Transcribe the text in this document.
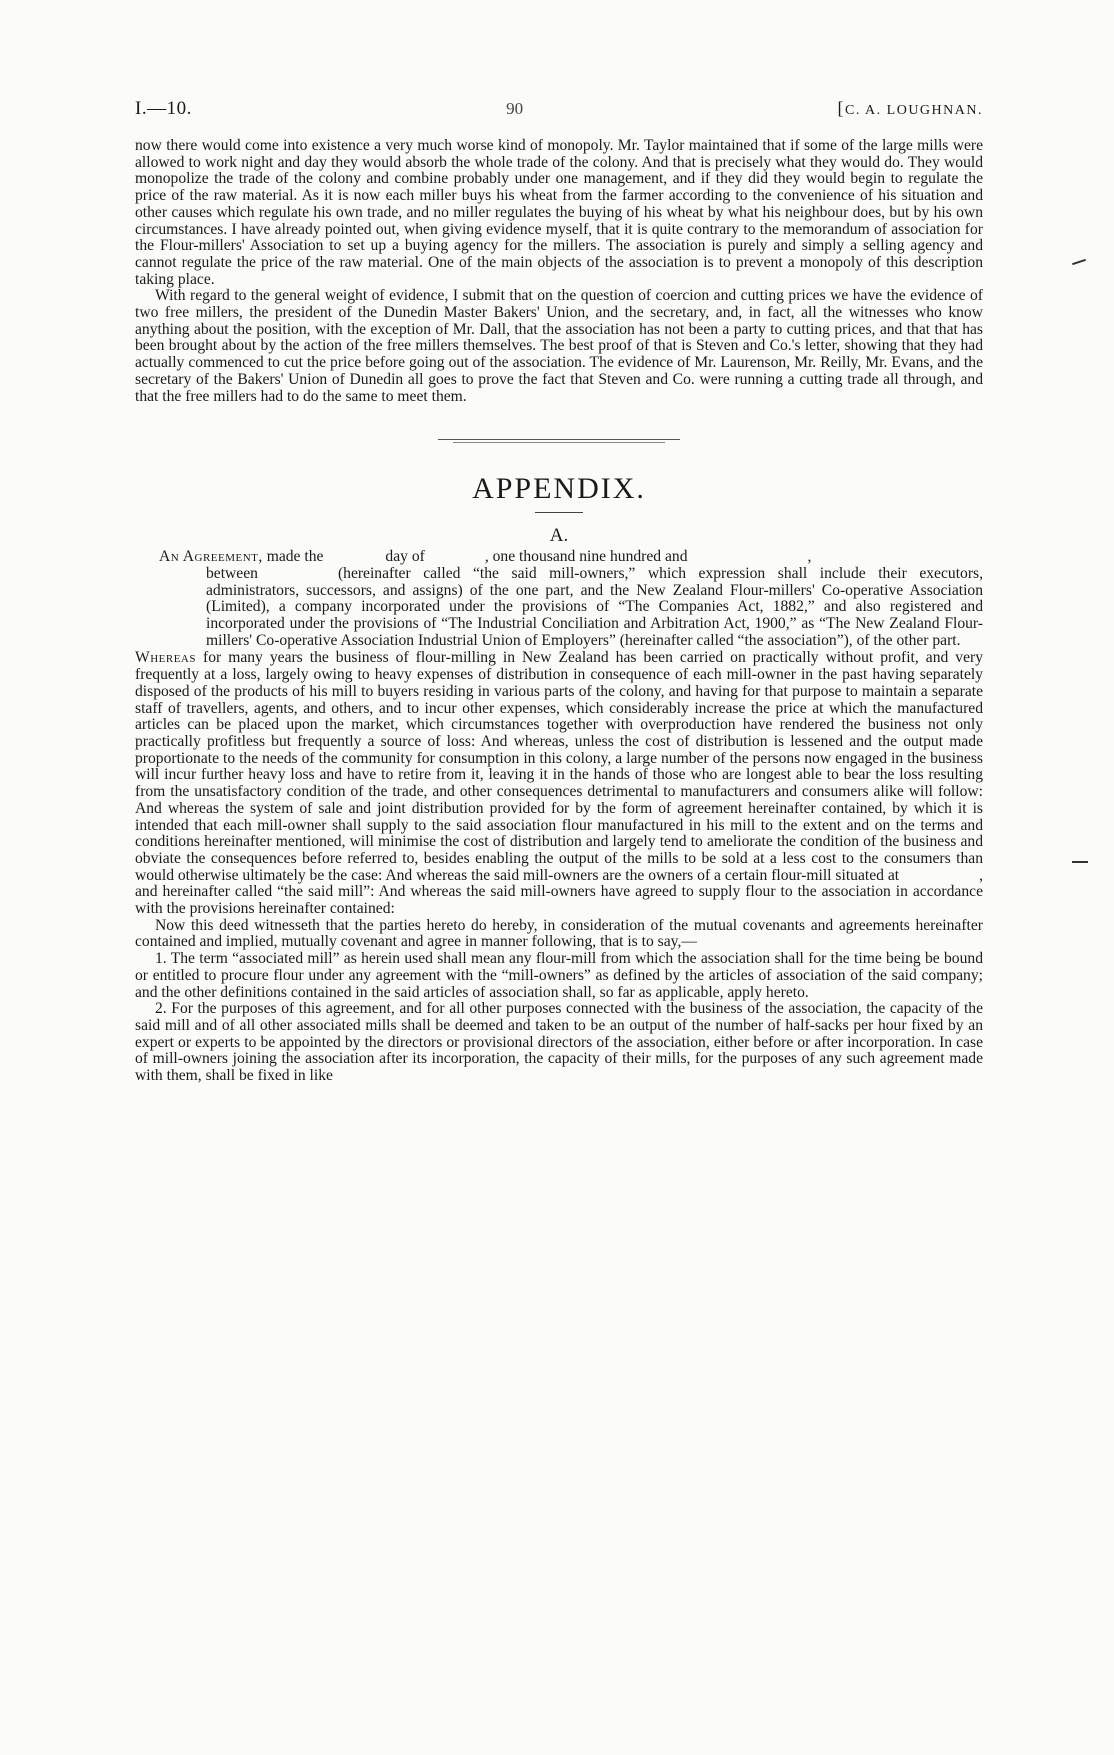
I.—10.	90	[C. A. LOUGHNAN.

now there would come into existence a very much worse kind of monopoly. Mr. Taylor maintained that if some of the large mills were allowed to work night and day they would absorb the whole trade of the colony. And that is precisely what they would do. They would monopolize the trade of the colony and combine probably under one management, and if they did they would begin to regulate the price of the raw material. As it is now each miller buys his wheat from the farmer according to the convenience of his situation and other causes which regulate his own trade, and no miller regulates the buying of his wheat by what his neighbour does, but by his own circumstances. I have already pointed out, when giving evidence myself, that it is quite contrary to the memorandum of association for the Flour-millers' Association to set up a buying agency for the millers. The association is purely and simply a selling agency and cannot regulate the price of the raw material. One of the main objects of the association is to prevent a monopoly of this description taking place.

With regard to the general weight of evidence, I submit that on the question of coercion and cutting prices we have the evidence of two free millers, the president of the Dunedin Master Bakers' Union, and the secretary, and, in fact, all the witnesses who know anything about the position, with the exception of Mr. Dall, that the association has not been a party to cutting prices, and that that has been brought about by the action of the free millers themselves. The best proof of that is Steven and Co.'s letter, showing that they had actually commenced to cut the price before going out of the association. The evidence of Mr. Laurenson, Mr. Reilly, Mr. Evans, and the secretary of the Bakers' Union of Dunedin all goes to prove the fact that Steven and Co. were running a cutting trade all through, and that the free millers had to do the same to meet them.

APPENDIX.
A.

An Agreement, made the	day of	, one thousand nine hundred and	,

between	(hereinafter called “the said mill-owners,” which expression shall include their executors, administrators, successors, and assigns) of the one part, and the New Zealand Flour-millers' Co-operative Association (Limited), a company incorporated under the provisions of “The Companies Act, 1882,” and also registered and incorporated under the provisions of “The Industrial Conciliation and Arbitration Act, 1900,” as “The New Zealand Flour-millers' Co-operative Association Industrial Union of Employers” (hereinafter called “the association”), of the other part.

Whereas for many years the business of flour-milling in New Zealand has been carried on practically without profit, and very frequently at a loss, largely owing to heavy expenses of distribution in consequence of each mill-owner in the past having separately disposed of the products of his mill to buyers residing in various parts of the colony, and having for that purpose to maintain a separate staff of travellers, agents, and others, and to incur other expenses, which considerably increase the price at which the manufactured articles can be placed upon the market, which circumstances together with overproduction have rendered the business not only practically profitless but frequently a source of loss: And whereas, unless the cost of distribution is lessened and the output made proportionate to the needs of the community for consumption in this colony, a large number of the persons now engaged in the business will incur further heavy loss and have to retire from it, leaving it in the hands of those who are longest able to bear the loss resulting from the unsatisfactory condition of the trade, and other consequences detrimental to manufacturers and consumers alike will follow: And whereas the system of sale and joint distribution provided for by the form of agreement hereinafter contained, by which it is intended that each mill-owner shall supply to the said association flour manufactured in his mill to the extent and on the terms and conditions hereinafter mentioned, will minimise the cost of distribution and largely tend to ameliorate the condition of the business and obviate the consequences before referred to, besides enabling the output of the mills to be sold at a less cost to the consumers than would otherwise ultimately be the case: And whereas the said mill-owners are the owners of a certain flour-mill situated at	, and hereinafter called “the said mill”: And whereas the said mill-owners have agreed to supply flour to the association in accordance with the provisions hereinafter contained:

Now this deed witnesseth that the parties hereto do hereby, in consideration of the mutual covenants and agreements hereinafter contained and implied, mutually covenant and agree in manner following, that is to say,—

1. The term “associated mill” as herein used shall mean any flour-mill from which the association shall for the time being be bound or entitled to procure flour under any agreement with the “mill-owners” as defined by the articles of association of the said company; and the other definitions contained in the said articles of association shall, so far as applicable, apply hereto.

2. For the purposes of this agreement, and for all other purposes connected with the business of the association, the capacity of the said mill and of all other associated mills shall be deemed and taken to be an output of the number of half-sacks per hour fixed by an expert or experts to be appointed by the directors or provisional directors of the association, either before or after incorporation. In case of mill-owners joining the association after its incorporation, the capacity of their mills, for the purposes of any such agreement made with them, shall be fixed in like
